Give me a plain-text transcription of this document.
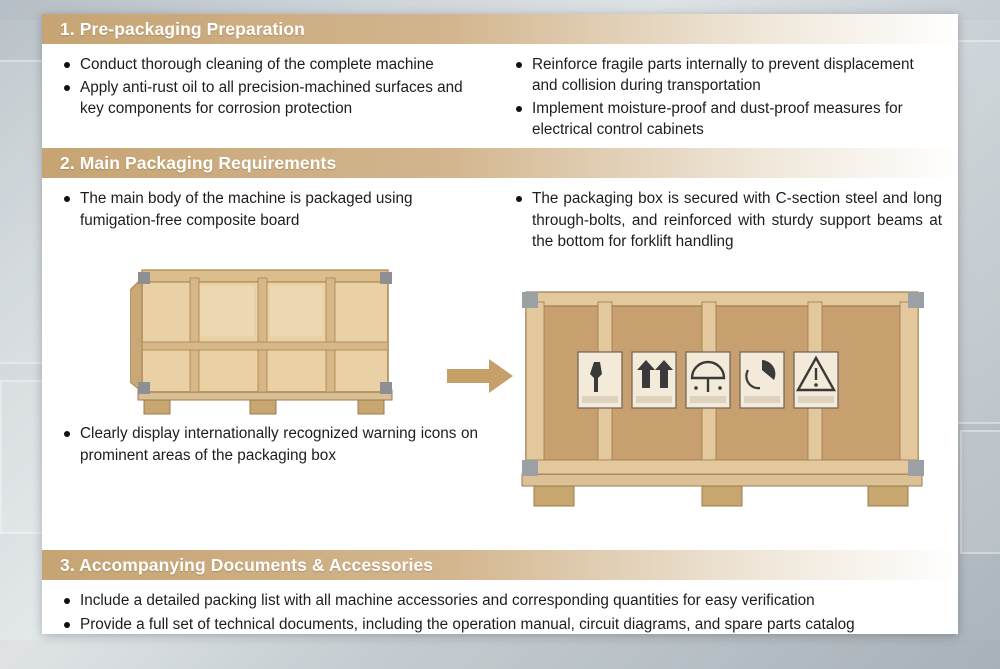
1. Pre-packaging Preparation
Conduct thorough cleaning of the complete machine
Apply anti-rust oil to all precision-machined surfaces and key components for corrosion protection
Reinforce fragile parts internally to prevent displacement and collision during transportation
Implement moisture-proof and dust-proof measures for electrical control cabinets
2. Main Packaging Requirements
The main body of the machine is packaged using fumigation-free composite board
The packaging box is secured with C-section steel and long through-bolts, and reinforced with sturdy support beams at the bottom for forklift handling
Clearly display internationally recognized warning icons on prominent areas of the packaging box
3. Accompanying Documents & Accessories
Include a detailed packing list with all machine accessories and corresponding quantities for easy verification
Provide a full set of technical documents, including the operation manual, circuit diagrams, and spare parts catalog
